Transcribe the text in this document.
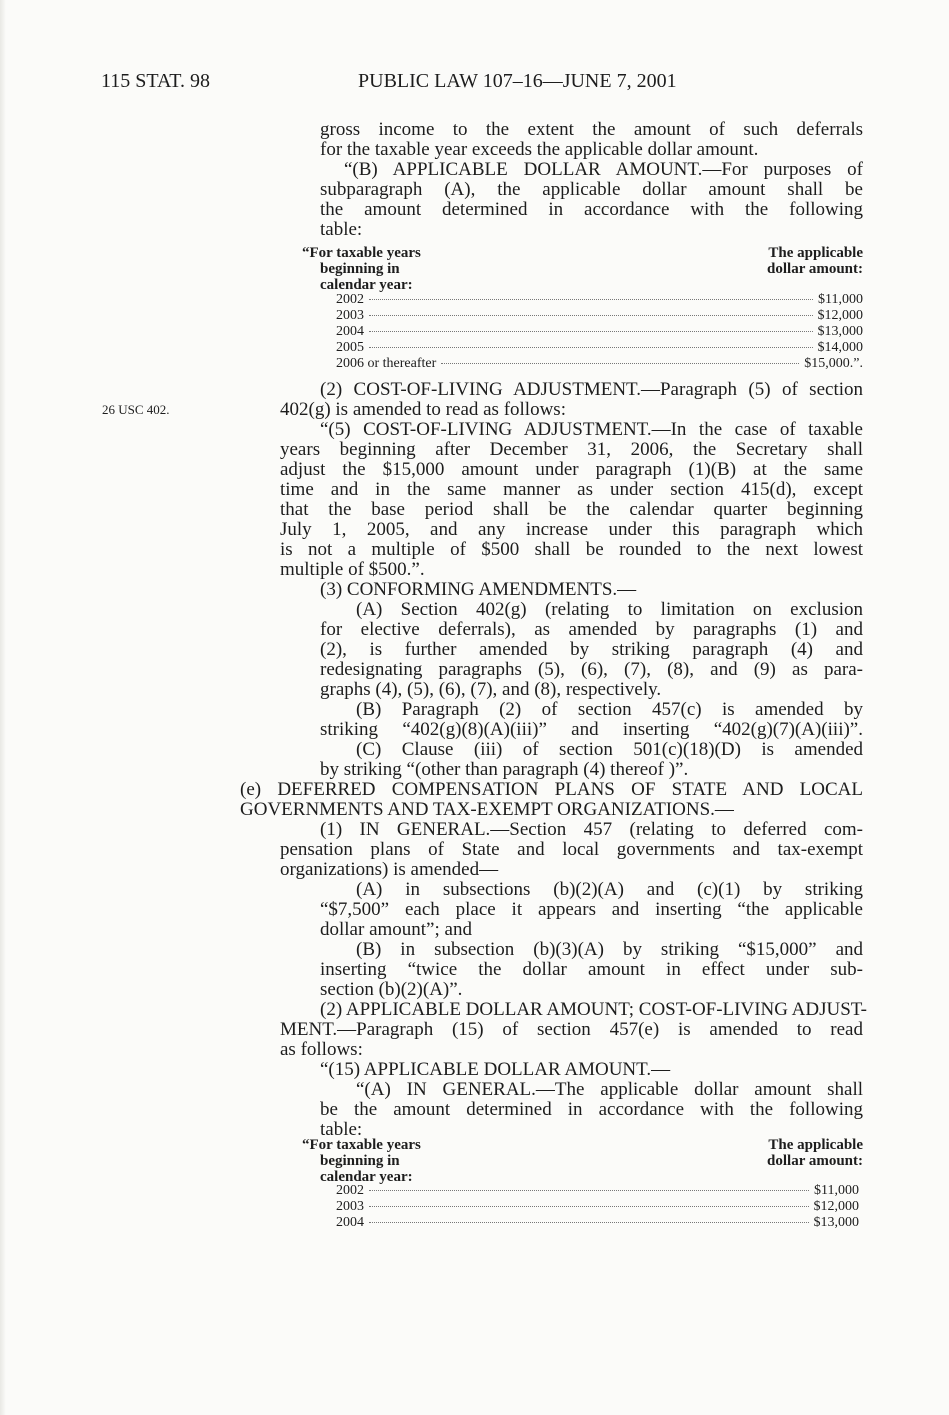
115 STAT. 98	PUBLIC LAW 107–16—JUNE 7, 2001
26 USC 402.
gross income to the extent the amount of such deferrals
for the taxable year exceeds the applicable dollar amount.
“(B) APPLICABLE DOLLAR AMOUNT.—For purposes of
subparagraph (A), the applicable dollar amount shall be
the amount determined in accordance with the following
table:
“For taxable years
beginning in
calendar year:
The applicable
dollar amount:
2002	$11,000
2003	$12,000
2004	$13,000
2005	$14,000
2006 or thereafter	$15,000.”.
(2) COST-OF-LIVING ADJUSTMENT.—Paragraph (5) of section
402(g) is amended to read as follows:
“(5) COST-OF-LIVING ADJUSTMENT.—In the case of taxable
years beginning after December 31, 2006, the Secretary shall
adjust the $15,000 amount under paragraph (1)(B) at the same
time and in the same manner as under section 415(d), except
that the base period shall be the calendar quarter beginning
July 1, 2005, and any increase under this paragraph which
is not a multiple of $500 shall be rounded to the next lowest
multiple of $500.”.
(3) CONFORMING AMENDMENTS.—
(A) Section 402(g) (relating to limitation on exclusion
for elective deferrals), as amended by paragraphs (1) and
(2), is further amended by striking paragraph (4) and
redesignating paragraphs (5), (6), (7), (8), and (9) as para-
graphs (4), (5), (6), (7), and (8), respectively.
(B) Paragraph (2) of section 457(c) is amended by
striking “402(g)(8)(A)(iii)” and inserting “402(g)(7)(A)(iii)”.
(C) Clause (iii) of section 501(c)(18)(D) is amended
by striking “(other than paragraph (4) thereof )”.
(e) DEFERRED COMPENSATION PLANS OF STATE AND LOCAL
GOVERNMENTS AND TAX-EXEMPT ORGANIZATIONS.—
(1) IN GENERAL.—Section 457 (relating to deferred com-
pensation plans of State and local governments and tax-exempt
organizations) is amended—
(A) in subsections (b)(2)(A) and (c)(1) by striking
“$7,500” each place it appears and inserting “the applicable
dollar amount”; and
(B) in subsection (b)(3)(A) by striking “$15,000” and
inserting “twice the dollar amount in effect under sub-
section (b)(2)(A)”.
(2) APPLICABLE DOLLAR AMOUNT; COST-OF-LIVING ADJUST-
MENT.—Paragraph (15) of section 457(e) is amended to read
as follows:
“(15) APPLICABLE DOLLAR AMOUNT.—
“(A) IN GENERAL.—The applicable dollar amount shall
be the amount determined in accordance with the following
table:
“For taxable years
beginning in
calendar year:
The applicable
dollar amount:
2002	$11,000
2003	$12,000
2004	$13,000
